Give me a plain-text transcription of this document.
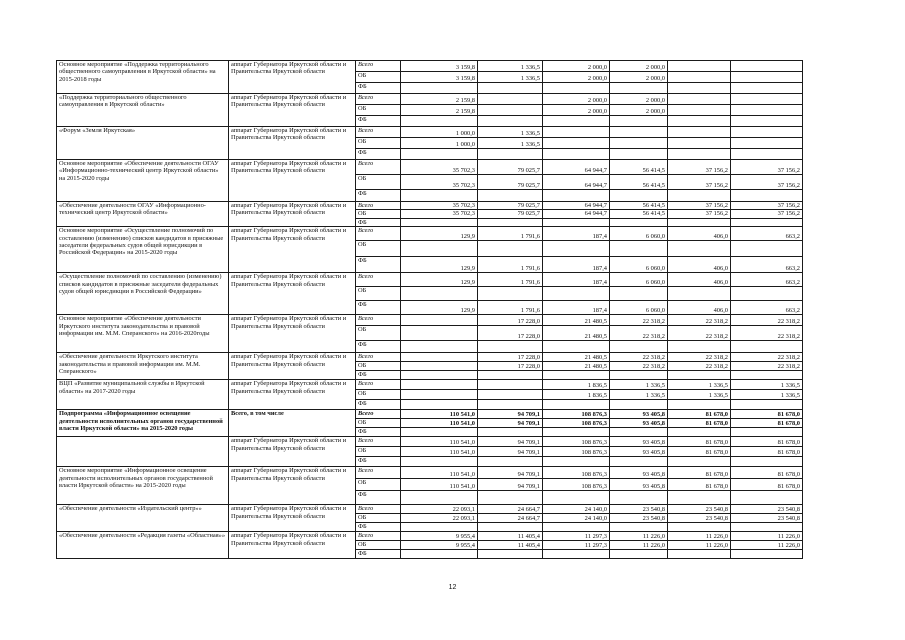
Основное мероприятие «Поддержка территориального общественного самоуправления в Иркутской области» на 2015-2018 годы	аппарат Губернатора Иркутской области и Правительства Иркутской области	Всего	3 159,8	1 336,5	2 000,0	2 000,0		
		ОБ	3 159,8	1 336,5	2 000,0	2 000,0		
		ФБ						
«Поддержка территориального общественного самоуправления в Иркутской области»	аппарат Губернатора Иркутской области и Правительства Иркутской области	Всего	2 159,8		2 000,0	2 000,0		
		ОБ	2 159,8		2 000,0	2 000,0		
		ФБ						
«Форум «Земля Иркутская»	аппарат Губернатора Иркутской области и Правительства Иркутской области	Всего	1 000,0	1 336,5				
		ОБ	1 000,0	1 336,5				
		ФБ						
Основное мероприятие «Обеспечение деятельности ОГАУ «Информационно-технический центр Иркутской области» на 2015-2020 годы	аппарат Губернатора Иркутской области и Правительства Иркутской области	Всего	35 702,3	79 025,7	64 944,7	56 414,5	37 156,2	37 156,2
		ОБ	35 702,3	79 025,7	64 944,7	56 414,5	37 156,2	37 156,2
		ФБ						
«Обеспечение деятельности ОГАУ «Информационно-технический центр Иркутской области»	аппарат Губернатора Иркутской области и Правительства Иркутской области	Всего	35 702,3	79 025,7	64 944,7	56 414,5	37 156,2	37 156,2
		ОБ	35 702,3	79 025,7	64 944,7	56 414,5	37 156,2	37 156,2
		ФБ						
Основное мероприятие «Осуществление полномочий по составлению (изменению) списков кандидатов в присяжные заседатели федеральных судов общей юрисдикции в Российской Федерации» на 2015-2020 годы	аппарат Губернатора Иркутской области и Правительства Иркутской области	Всего	129,9	1 791,6	187,4	6 060,0	406,0	663,2
		ОБ						
		ФБ	129,9	1 791,6	187,4	6 060,0	406,0	663,2
«Осуществление полномочий по составлению (изменению) списков кандидатов в присяжные заседатели федеральных судов общей юрисдикции в Российской Федерации»	аппарат Губернатора Иркутской области и Правительства Иркутской области	Всего	129,9	1 791,6	187,4	6 060,0	406,0	663,2
		ОБ						
		ФБ	129,9	1 791,6	187,4	6 060,0	406,0	663,2
Основное мероприятие «Обеспечение деятельности Иркутского института законодательства и правовой информации им. М.М. Сперанского» на 2016-2020годы	аппарат Губернатора Иркутской области и Правительства Иркутской области	Всего		17 228,0	21 480,5	22 318,2	22 318,2	22 318,2
		ОБ		17 228,0	21 480,5	22 318,2	22 318,2	22 318,2
		ФБ						
«Обеспечение деятельности Иркутского института законодательства и правовой информации им. М.М. Сперанского»	аппарат Губернатора Иркутской области и Правительства Иркутской области	Всего		17 228,0	21 480,5	22 318,2	22 318,2	22 318,2
		ОБ		17 228,0	21 480,5	22 318,2	22 318,2	22 318,2
		ФБ						
ВЦП «Развитие муниципальной службы в Иркутской области» на 2017-2020 годы	аппарат Губернатора Иркутской области и Правительства Иркутской области	Всего			1 836,5	1 336,5	1 336,5	1 336,5
		ОБ			1 836,5	1 336,5	1 336,5	1 336,5
		ФБ						
Подпрограмма «Информационное освещение деятельности исполнительных органов государственной власти Иркутской области» на 2015-2020 годы	Всего, в том числе	Всего	110 541,0	94 709,1	108 876,3	93 405,8	81 678,0	81 678,0
		ОБ	110 541,0	94 709,1	108 876,3	93 405,8	81 678,0	81 678,0
		ФБ						
	аппарат Губернатора Иркутской области и Правительства Иркутской области	Всего	110 541,0	94 709,1	108 876,3	93 405,8	81 678,0	81 678,0
		ОБ	110 541,0	94 709,1	108 876,3	93 405,8	81 678,0	81 678,0
		ФБ						
Основное мероприятие «Информационное освещение деятельности исполнительных органов государственной власти Иркутской области» на 2015-2020 годы	аппарат Губернатора Иркутской области и Правительства Иркутской области	Всего	110 541,0	94 709,1	108 876,3	93 405,8	81 678,0	81 678,0
		ОБ	110 541,0	94 709,1	108 876,3	93 405,8	81 678,0	81 678,0
		ФБ						
«Обеспечение деятельности «Издательский центр»»	аппарат Губернатора Иркутской области и Правительства Иркутской области	Всего	22 093,1	24 664,7	24 140,0	23 540,8	23 540,8	23 540,8
		ОБ	22 093,1	24 664,7	24 140,0	23 540,8	23 540,8	23 540,8
		ФБ						
«Обеспечение деятельности «Редакция газеты «Областная»»	аппарат Губернатора Иркутской области и Правительства Иркутской области	Всего	9 955,4	11 405,4	11 297,3	11 226,0	11 226,0	11 226,0
		ОБ	9 955,4	11 405,4	11 297,3	11 226,0	11 226,0	11 226,0
		ФБ						
12
